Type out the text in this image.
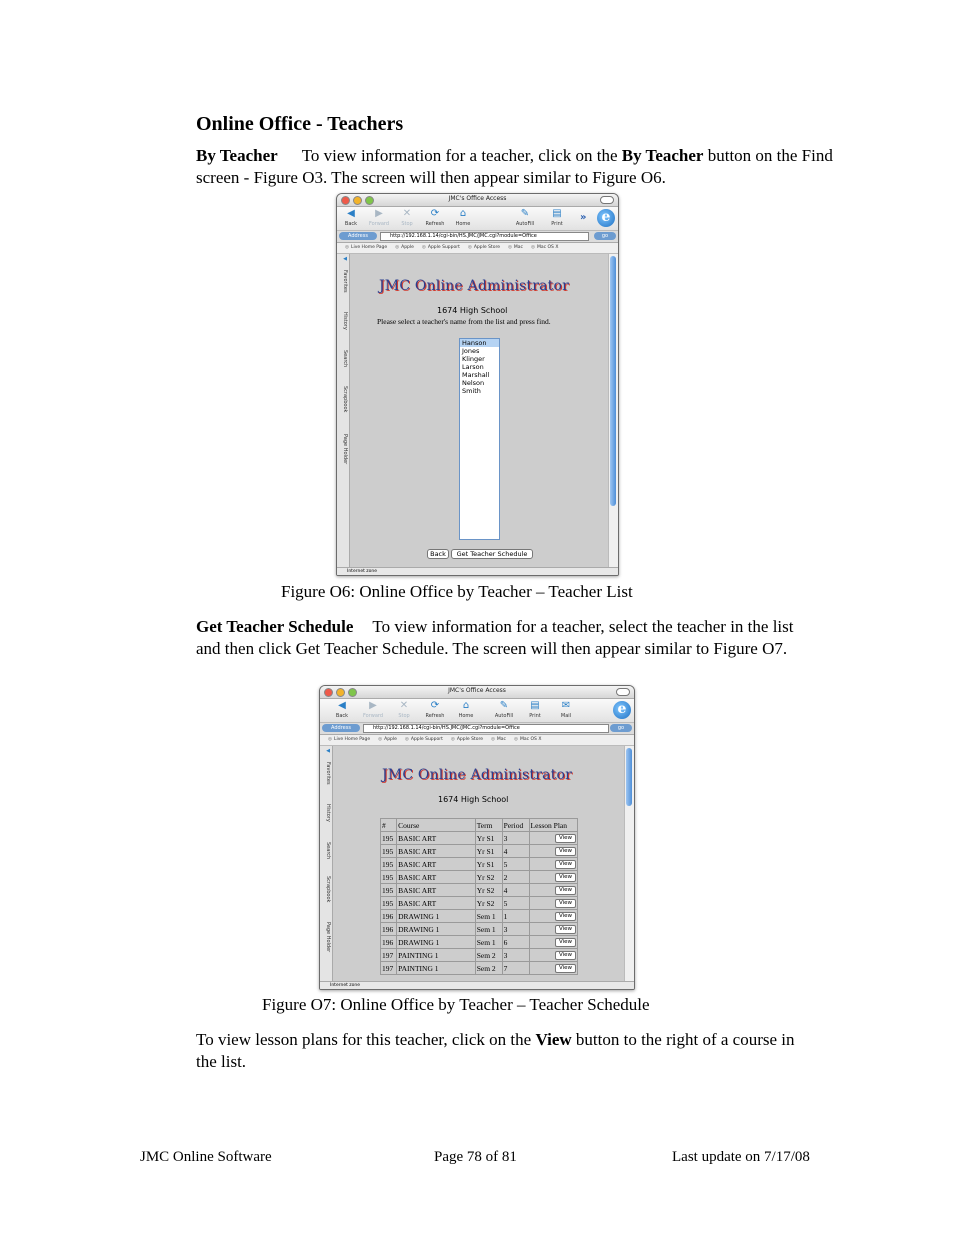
Online Office - Teachers
By Teacher To view information for a teacher, click on the By Teacher button on the Find screen - Figure O3. The screen will then appear similar to Figure O6.
JMC's Office Access
◀
Back
▶
Forward
✕
Stop
⟳
Refresh
⌂
Home
✎
AutoFill
▤
Print
»	e
Address	http://192.168.1.14/cgi-bin/HS.JMC/JMC.cgi?module=Office	go
◎ Live Home Page	◎ Apple	◎ Apple Support	◎ Apple Store	◎ Mac	◎ Mac OS X
◀
Favorites
History
Search
Scrapbook
Page Holder
JMC Online Administrator
1674 High School
Please select a teacher's name from the list and press find.
Hanson
Jones
Klinger
Larson
Marshall
Nelson
Smith
Back	Get Teacher Schedule
Internet zone
Figure O6: Online Office by Teacher – Teacher List
Get Teacher Schedule To view information for a teacher, select the teacher in the list and then click Get Teacher Schedule. The screen will then appear similar to Figure O7.
JMC's Office Access
◀
Back
▶
Forward
✕
Stop
⟳
Refresh
⌂
Home
✎
AutoFill
▤
Print
✉
Mail	e
Address	http://192.168.1.14/cgi-bin/HS.JMC/JMC.cgi?module=Office	go
◎ Live Home Page	◎ Apple	◎ Apple Support	◎ Apple Store	◎ Mac	◎ Mac OS X
◀
Favorites
History
Search
Scrapbook
Page Holder
JMC Online Administrator
1674 High School
#	Course	Term	Period	Lesson Plan
195	BASIC ART	Yr S1	3	View

195	BASIC ART	Yr S1	4	View

195	BASIC ART	Yr S1	5	View

195	BASIC ART	Yr S2	2	View

195	BASIC ART	Yr S2	4	View

195	BASIC ART	Yr S2	5	View

196	DRAWING 1	Sem 1	1	View

196	DRAWING 1	Sem 1	3	View

196	DRAWING 1	Sem 1	6	View

197	PAINTING 1	Sem 2	3	View

197	PAINTING 1	Sem 2	7	View
Internet zone
Figure O7: Online Office by Teacher – Teacher Schedule
To view lesson plans for this teacher, click on the View button to the right of a course in the list.
JMC Online Software	Page 78 of 81	Last update on 7/17/08
